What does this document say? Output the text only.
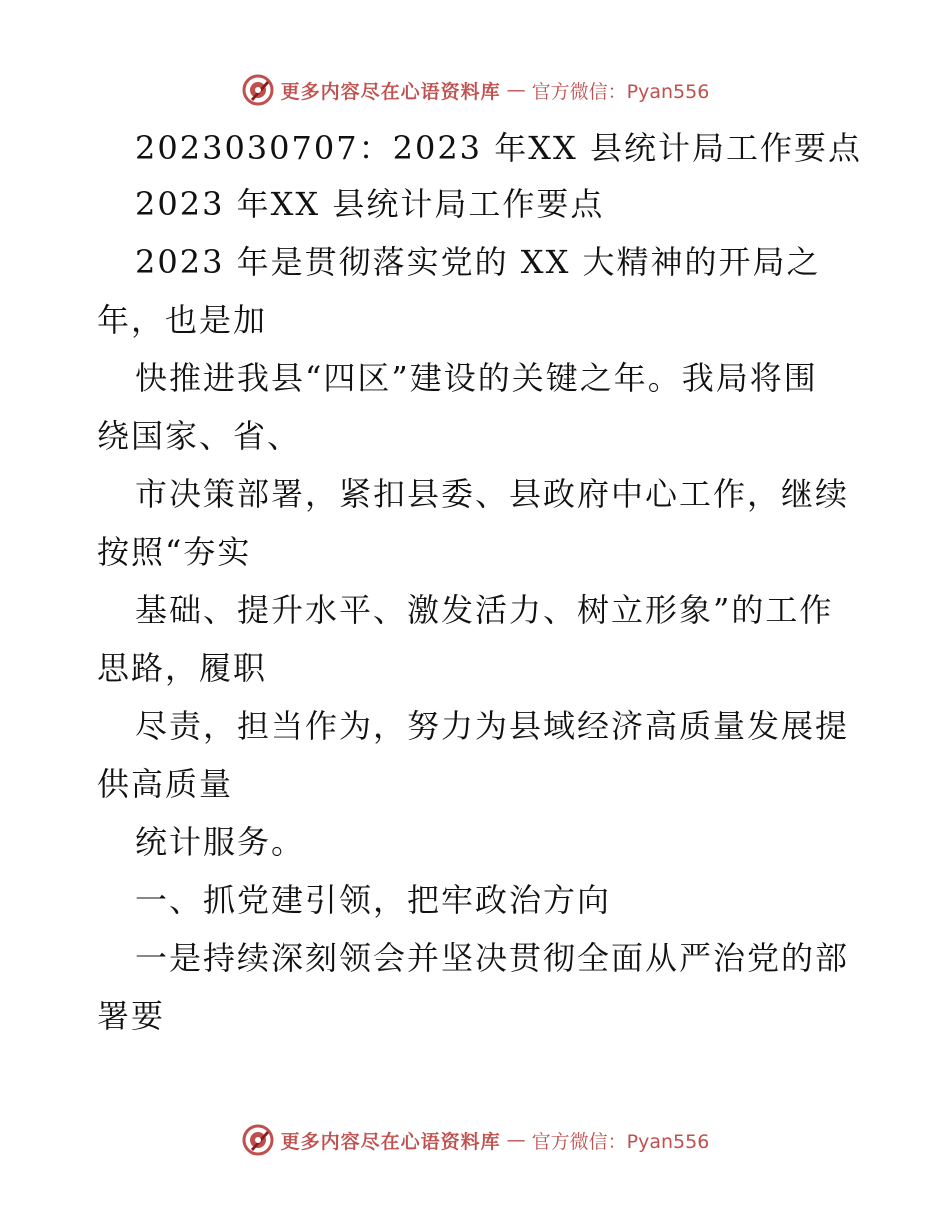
更多内容尽在心语资料库 — 官方微信：Pyan556
2023030707：2023 年XX 县统计局工作要点
2023 年XX 县统计局工作要点
2023 年是贯彻落实党的 XX 大精神的开局之
年，也是加
快推进我县“四区”建设的关键之年。我局将围
绕国家、省、
市决策部署，紧扣县委、县政府中心工作，继续
按照“夯实
基础、提升水平、激发活力、树立形象”的工作
思路，履职
尽责，担当作为，努力为县域经济高质量发展提
供高质量
统计服务。
一、抓党建引领，把牢政治方向
一是持续深刻领会并坚决贯彻全面从严治党的部
署要
更多内容尽在心语资料库 — 官方微信：Pyan556
